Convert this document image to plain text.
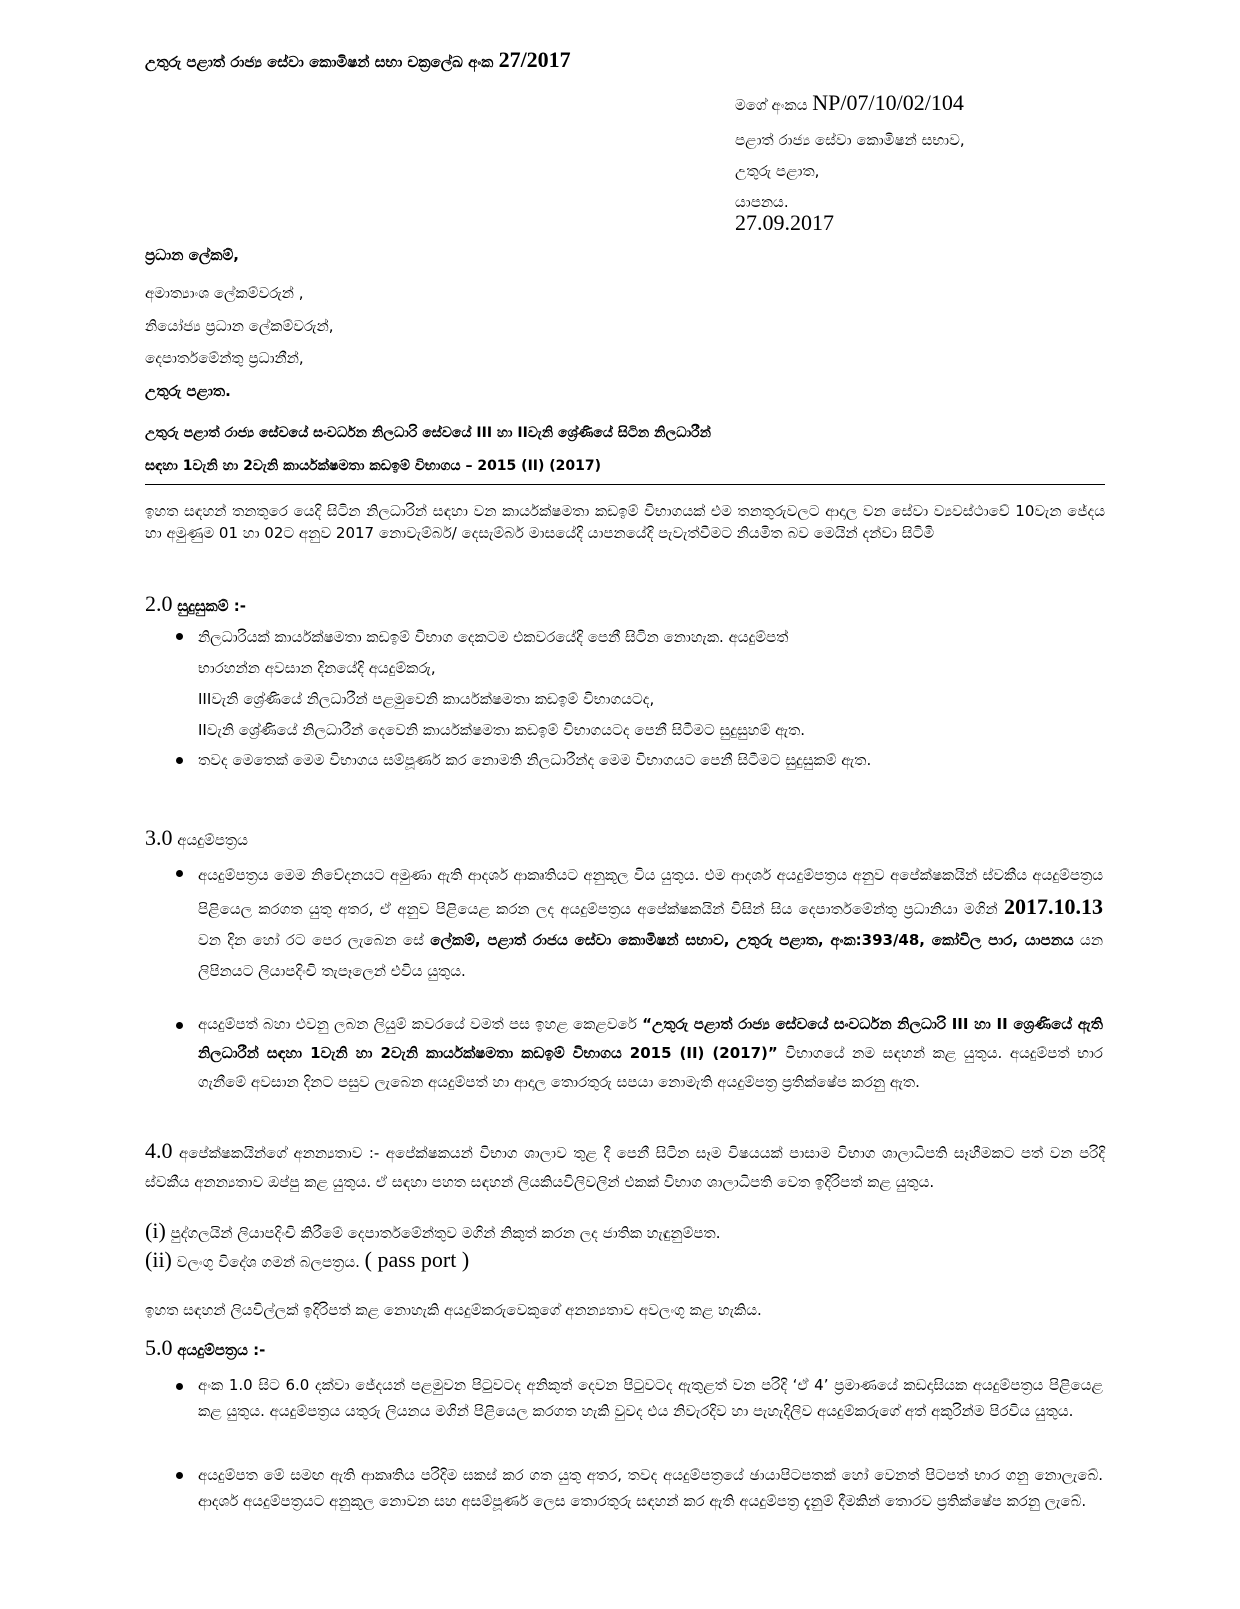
උතුරු පළාත් රාජ්‍ය සේවා කොමිෂන් සභා චක්‍රලේඛ අංක 27/2017
මගේ අංකය NP/07/10/02/104
පළාත් රාජ්‍ය සේවා කොමිෂන් සභාව,
උතුරු පළාත,
යාපනය.
27.09.2017
ප්‍රධාන ලේකම්,
අමාත්‍යාංශ ලේකම්වරුන් ,
නියෝජ්‍ය ප්‍රධාන ලේකම්වරුන්,
දෙපාර්තමේන්තු ප්‍රධානීන්,
උතුරු පළාත.
උතුරු පළාත් රාජ්‍ය සේවයේ සංවර්ධන නිලධාරි සේවයේ III හා IIවැනි ශ්‍රේණියේ සිටින නිලධාරීන්
සඳහා 1වැනි හා 2වැනි කාර්යක්ෂමතා කඩඉම් විභාගය – 2015 (II) (2017)
ඉහත සඳහන් තනතුරෙ යෙදි සිටින නිලධාරින් සඳහා වන කාර්යක්ෂමතා කඩඉම් විභාගයක් එම තනතුරුවලට ආදාල වන සේවා ව්‍යවස්ථාවේ 10වැන ජේදය හා අමුණුම 01 හා 02ට අනුව 2017 නොවැම්බර්/ දෙසැම්බර් මාසයේදි යාපනයේදි පැවැත්වීමට නියමිත බව මෙයින් දන්වා සිටිමි
2.0 සුදුසුකම් :-
නිලධාරියක් කාර්යක්ෂමතා කඩඉම් විභාග දෙකටම එකවරයේදි පෙනී සිටින නොහැක. අයදුම්පත්
භාරහන්න අවසාන දිනයේදි අයදුම්කරු,
IIIවැනි ශ්‍රේණියේ නිලධාරීන් පළමුවෙනි කාර්යක්ෂමතා කඩඉම් විභාගයටද,
IIවැනි ශ්‍රේණියේ නිලධාරීන් දෙවෙනි කාර්යක්ෂමතා කඩඉම් විභාගයටද පෙනී සිටීමට සුදුසුහම් ඇත.
තවද මෙතෙක් මෙම විභාගය සම්පූර්ණ කර නොමති නිලධාරීන්ද මෙම විභාගයට පෙනී සිටීමට සුදුසුකම් ඇත.
3.0 අයදුම්පත්‍රය
අයදුම්පත්‍රය මෙම නිවේදනයට අමුණා ඇති ආදර්ශ ආකෘතියට අනුකූල විය යුතුය. එම ආදර්ශ අයදුම්පත්‍රය අනුව අපේක්ෂකයින් ස්වකීය අයදුම්පත්‍රය පිළියෙල කරගත යුතු අතර, ඒ අනුව පිළියෙළ කරන ලද අයදුම්පත්‍රය අපේක්ෂකයින් විසින් සිය දෙපාර්තමේන්තු ප්‍රධානියා මගින් 2017.10.13 වන දින හෝ රට පෙර ලැබෙන සේ ලේකම්, පළාත් රාජය සේවා කොමිෂන් සභාව, උතුරු පළාත, අංක:393/48, කෝවිල පාර, යාපනය යන ලිපිනයට ලියාපදිංචි තැපෑලෙන් එවිය යුතුය.
අයදුම්පත් බහා එවනු ලබන ලියුම් කවරයේ වමත් පස ඉහළ කෙළවරේ “උතුරු පළාත් රාජ්‍ය සේවයේ සංවර්ධන නිලධාරි III හා II ශ්‍රෙණියේ ඇති නිලධාරීන් සඳහා 1වැනි හා 2වැනි කාර්යක්ෂමතා කඩඉම් විභාගය 2015 (II) (2017)” විභාගයේ නම සඳහන් කළ යුතුය. අයදුම්පත් භාර ගැනීමේ අවසාන දිනට පසුව ලැබෙන අයදුම්පත් හා ආදාල තොරතුරු සපයා නොමැති අයදුම්පත්‍ර ප්‍රතික්ෂේප කරනු ඇත.
4.0 අපේක්ෂකයින්ගේ අනන්‍යතාව :- අපේක්ෂකයන් විභාග ශාලාව තුළ දී පෙනී සිටින සෑම විෂයයක් පාසාම විභාග ශාලාධිපති සෑහීමකට පත් වන පරිදි ස්වකීය අනන්‍යතාව ඔප්පු කළ යුතුය. ඒ සඳහා පහත සඳහන් ලියකියවිලිවලින් එකක් විභාග ශාලාධිපති වෙත ඉදිරිපත් කළ යුතුය.
(i) පුද්ගලයින් ලියාපදිංචි කිරීමේ දෙපාර්තමේන්තුව මගින් නිකුත් කරන ලද ජාතික හැඳුනුම්පත.
(ii) වලංගු විදේශ ගමන් බලපත්‍රය. ( pass port )
ඉහත සඳහන් ලියවිල්ලක් ඉදිරිපත් කළ නොහැකි අයදුම්කරුවෙකුගේ අනන්‍යතාව අවලංගු කළ හැකිය.
5.0 අයදුම්පත්‍රය :-
අංක 1.0 සිට 6.0 දක්වා ජේදයන් පළමුවන පිටුවටද අනිකුත් දෙවන පිටුවටද ඇතුළත් වන පරිදි ‘ඒ 4’ ප්‍රමාණයේ කඩදාසියක අයදුම්පත්‍රය පිළියෙළ කළ යුතුය. අයදුම්පත්‍රය යතුරු ලියනය මගින් පිළියෙල කරගත හැකි වුවද එය නිවැරදිව හා පැහැදිලිව අයදුම්කරුගේ අත් අකුරින්ම පිරවිය යුතුය.
අයදුම්පත මේ සමඟ ඇති ආකෘතිය පරිදිම සකස් කර ගත යුතු අතර, තවද අයදුම්පත්‍රයේ ඡායාපිටපතක් හෝ වෙනත් පිටපත් භාර ගනු නොලැබේ. ආදර්ශ අයදුම්පත්‍රයට අනුකූල නොවන සහ අසම්පූර්ණ ලෙස තොරතුරු සඳහන් කර ඇති අයදුම්පත්‍ර දැනුම් දීමකින් තොරව ප්‍රතික්ෂේප කරනු ලැබේ.
